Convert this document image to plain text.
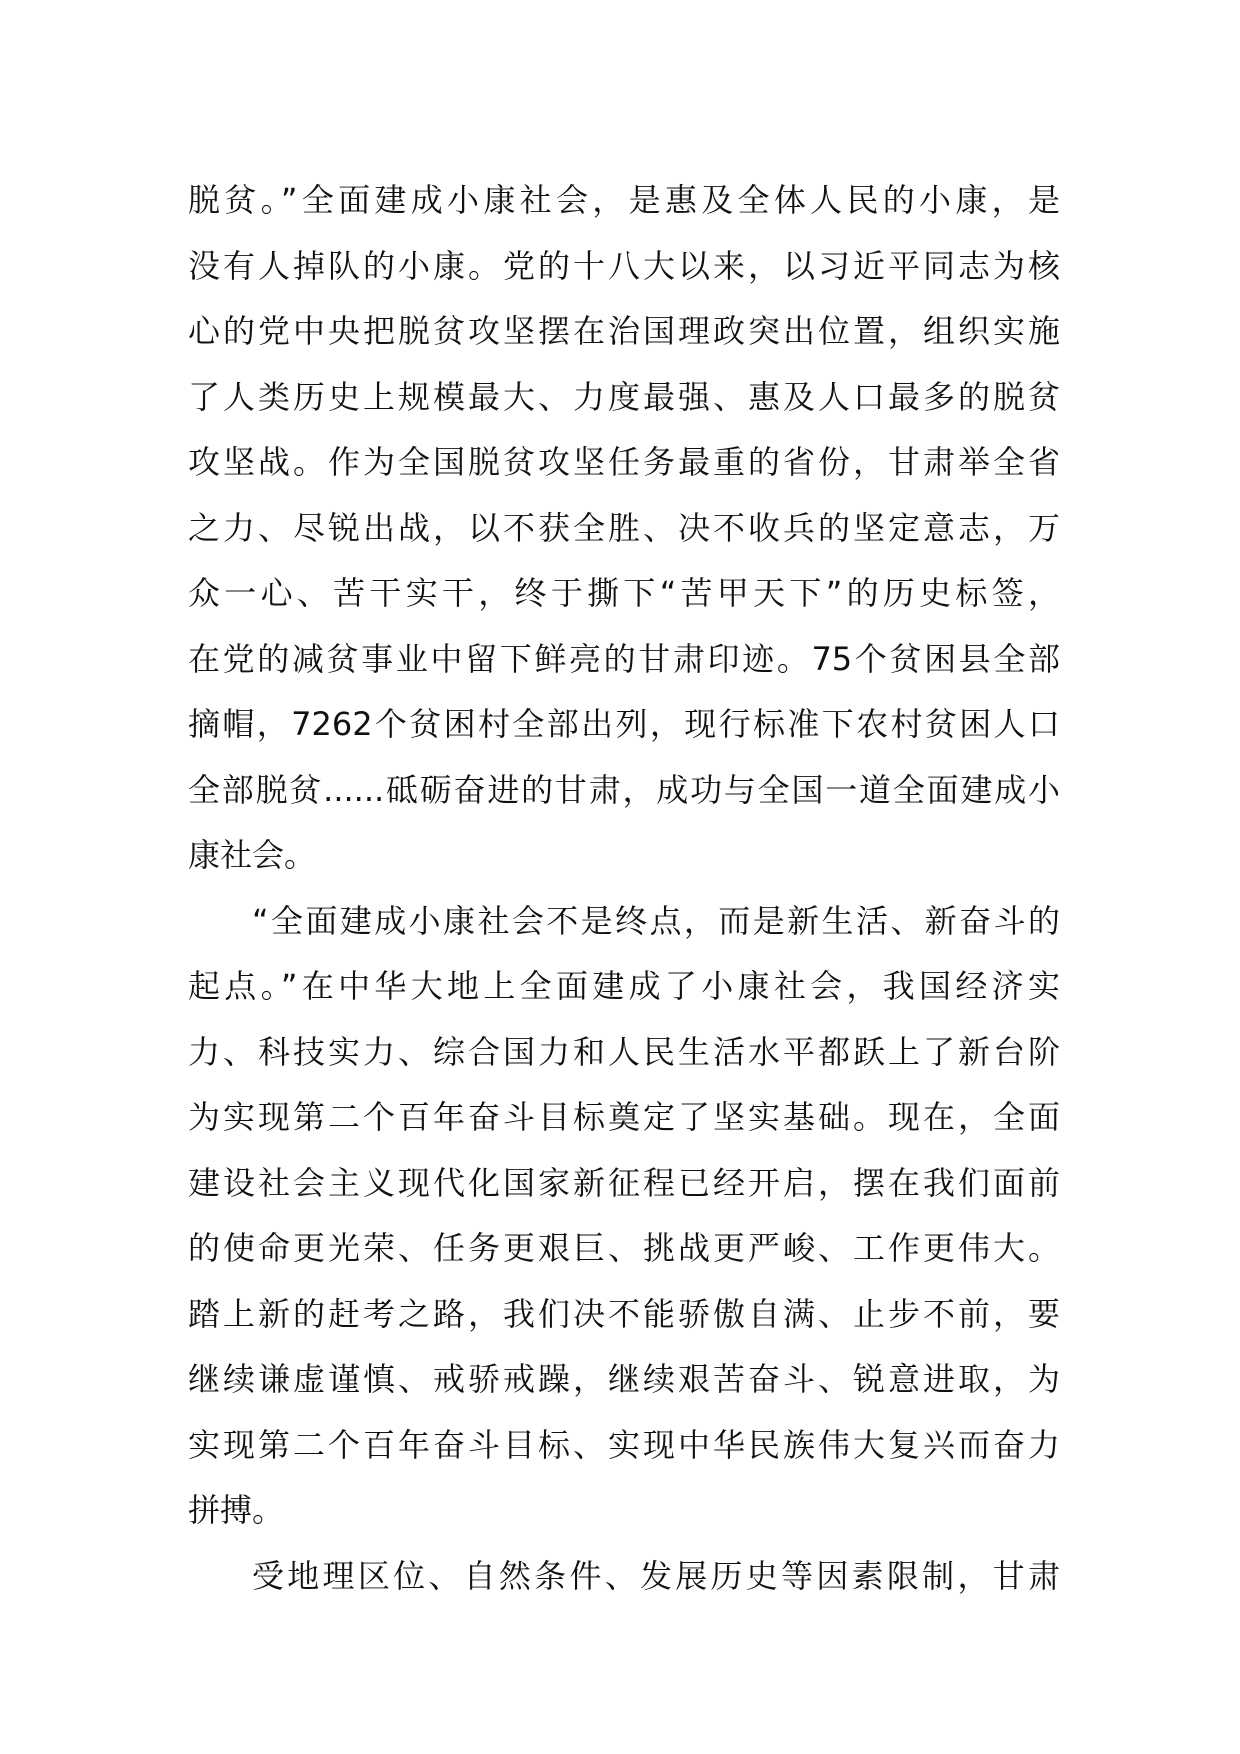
脱贫。”全面建成小康社会，是惠及全体人民的小康，是
没有人掉队的小康。党的十八大以来，以习近平同志为核
心的党中央把脱贫攻坚摆在治国理政突出位置，组织实施
了人类历史上规模最大、力度最强、惠及人口最多的脱贫
攻坚战。作为全国脱贫攻坚任务最重的省份，甘肃举全省
之力、尽锐出战，以不获全胜、决不收兵的坚定意志，万
众一心、苦干实干，终于撕下“苦甲天下”的历史标签，
在党的减贫事业中留下鲜亮的甘肃印迹。75个贫困县全部
摘帽，7262个贫困村全部出列，现行标准下农村贫困人口
全部脱贫......砥砺奋进的甘肃，成功与全国一道全面建成小
康社会。
“全面建成小康社会不是终点，而是新生活、新奋斗的
起点。”在中华大地上全面建成了小康社会，我国经济实
力、科技实力、综合国力和人民生活水平都跃上了新台阶
为实现第二个百年奋斗目标奠定了坚实基础。现在，全面
建设社会主义现代化国家新征程已经开启，摆在我们面前
的使命更光荣、任务更艰巨、挑战更严峻、工作更伟大。
踏上新的赶考之路，我们决不能骄傲自满、止步不前，要
继续谦虚谨慎、戒骄戒躁，继续艰苦奋斗、锐意进取，为
实现第二个百年奋斗目标、实现中华民族伟大复兴而奋力
拼搏。
受地理区位、自然条件、发展历史等因素限制，甘肃
